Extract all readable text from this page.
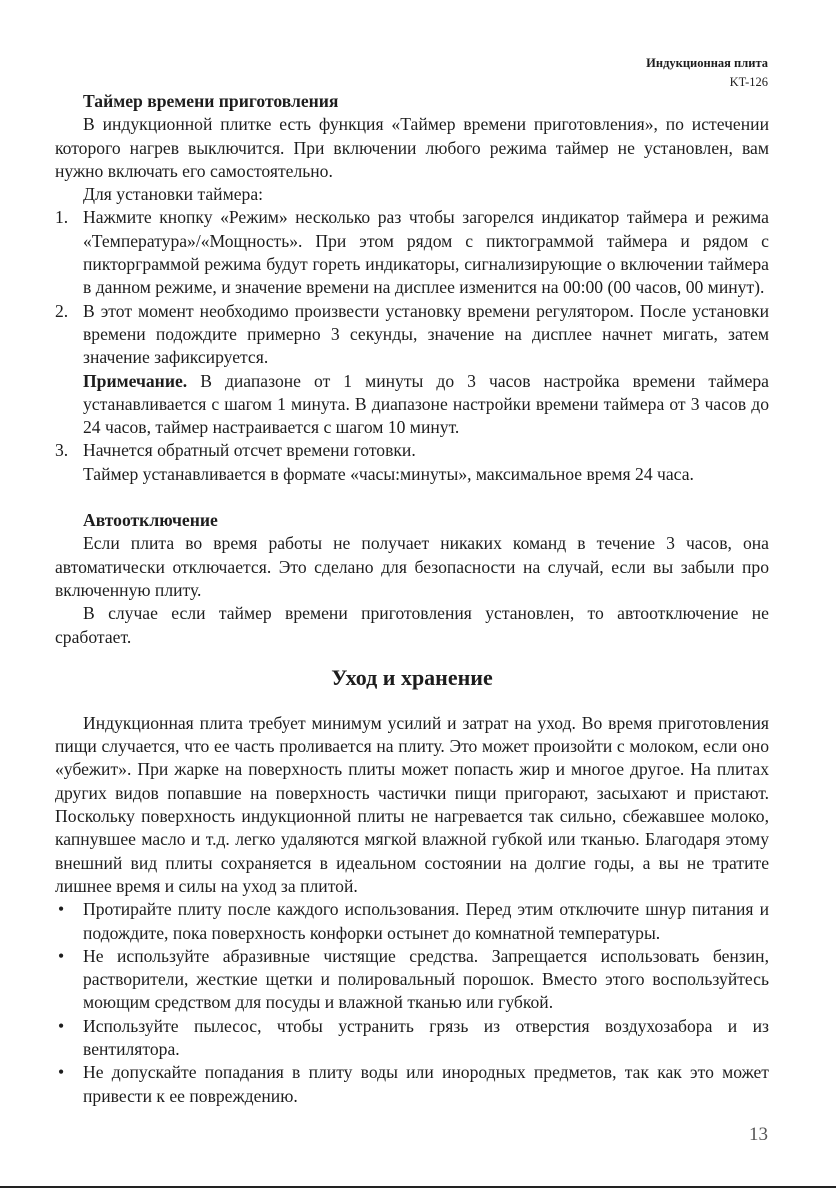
Индукционная плита
KT-126

Таймер времени приготовления

В индукционной плитке есть функция «Таймер времени приготовления», по истечении которого нагрев выключится. При включении любого режима таймер не установлен, вам нужно включать его самостоятельно.

Для установки таймера:

1. Нажмите кнопку «Режим» несколько раз чтобы загорелся индикатор таймера и режима «Температура»/«Мощность». При этом рядом с пиктограммой таймера и рядом с пикторграммой режима будут гореть индикаторы, сигнализирующие о включении таймера в данном режиме, и значение времени на дисплее изменится на 00:00 (00 часов, 00 минут).
2. В этот момент необходимо произвести установку времени регулятором. После установки времени подождите примерно 3 секунды, значение на дисплее начнет мигать, затем значение зафиксируется.
Примечание. В диапазоне от 1 минуты до 3 часов настройка времени таймера устанавливается с шагом 1 минута. В диапазоне настройки времени таймера от 3 часов до 24 часов, таймер настраивается с шагом 10 минут.
3. Начнется обратный отсчет времени готовки.
Таймер устанавливается в формате «часы:минуты», максимальное время 24 часа.

Автоотключение

Если плита во время работы не получает никаких команд в течение 3 часов, она автоматически отключается. Это сделано для безопасности на случай, если вы забыли про включенную плиту.

В случае если таймер времени приготовления установлен, то автоотключение не сработает.

Уход и хранение

Индукционная плита требует минимум усилий и затрат на уход. Во время приготовления пищи случается, что ее часть проливается на плиту. Это может произойти с молоком, если оно «убежит». При жарке на поверхность плиты может попасть жир и многое другое. На плитах других видов попавшие на поверхность частички пищи пригорают, засыхают и пристают. Поскольку поверхность индукционной плиты не нагревается так сильно, сбежавшее молоко, капнувшее масло и т.д. легко удаляются мягкой влажной губкой или тканью. Благодаря этому внешний вид плиты сохраняется в идеальном состоянии на долгие годы, а вы не тратите лишнее время и силы на уход за плитой.

• Протирайте плиту после каждого использования. Перед этим отключите шнур питания и подождите, пока поверхность конфорки остынет до комнатной температуры.
• Не используйте абразивные чистящие средства. Запрещается использовать бензин, растворители, жесткие щетки и полировальный порошок. Вместо этого воспользуйтесь моющим средством для посуды и влажной тканью или губкой.
• Используйте пылесос, чтобы устранить грязь из отверстия воздухозабора и из вентилятора.
• Не допускайте попадания в плиту воды или инородных предметов, так как это может привести к ее повреждению.
13
